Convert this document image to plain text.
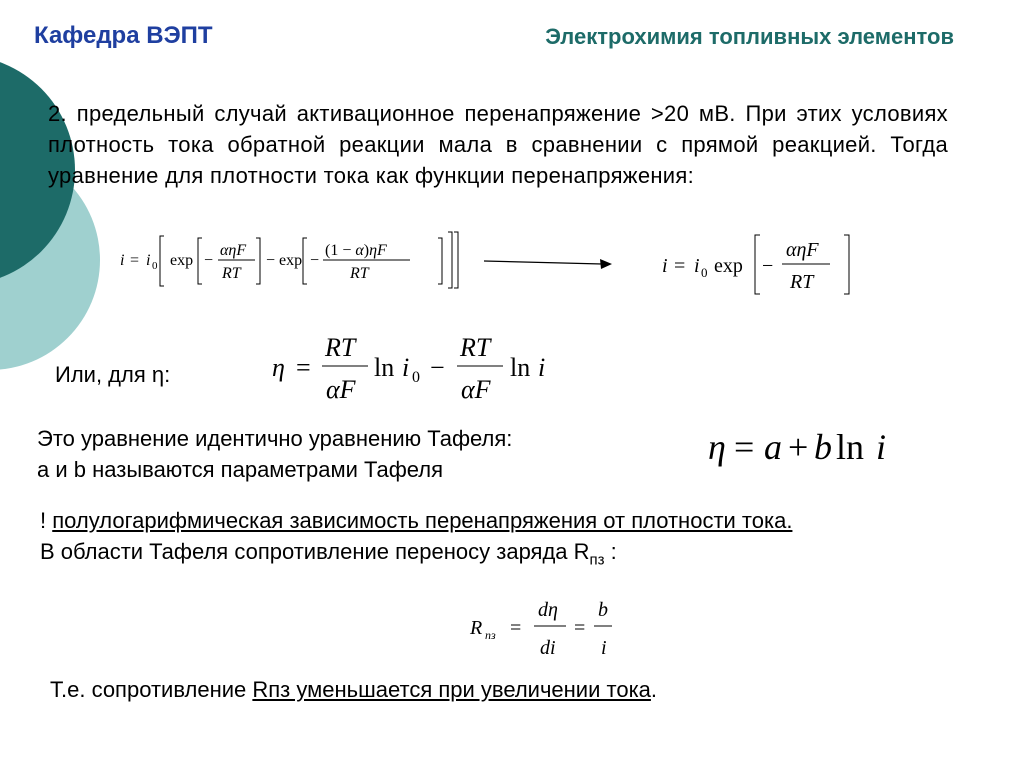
Кафедра ВЭПТ	Электрохимия топливных элементов
2. предельный случай активационное перенапряжение >20 мВ. При этих условиях плотность тока обратной реакции мала в сравнении с прямой реакцией. Тогда уравнение для плотности тока как функции перенапряжения:
i = i 0 exp −
αηF
RT
− exp −
(1 − α)ηF
RT	i = i 0 exp −
αηF
RT
Или, для η:	η =
RT
αF
ln i 0 −
RT
αF
ln i
Это уравнение идентично уравнению Тафеля:
a и b называются параметрами Тафеля
η = a + b ln i
! полулогарифмическая зависимость перенапряжения от плотности тока.
В области Тафеля сопротивление переносу заряда $R_{пз}$ :
R пз =
dη
di
=
b
i
Т.е. сопротивление Rпз уменьшается при увеличении тока.
